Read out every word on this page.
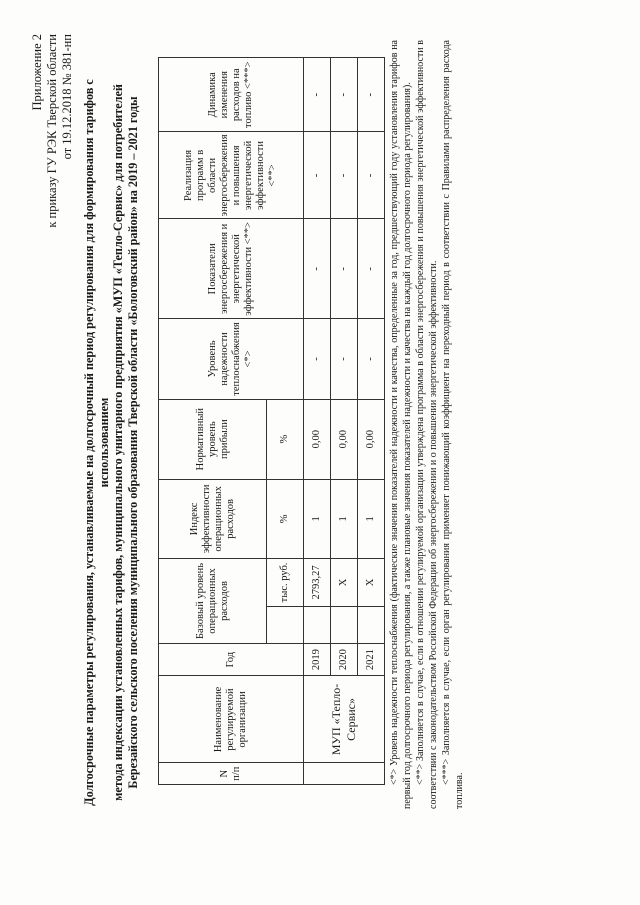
Приложение 2 к приказу ГУ РЭК Тверской области от 19.12.2018 № 381-нп Долгосрочные параметры регулирования, устанавливаемые на долгосрочный период регулирования для формирования тарифов с использованием метода индексации установленных тарифов, муниципального унитарного предприятия «МУП «Тепло-Сервис» для потребителей Березайского сельского поселения муниципального образования Тверской области «Бологовский район» на 2019 – 2021 годы	N п/п	Наименование регулируемой организации	Год	Базовый уровень операционных расходов		Индекс эффективности операционных расходов	Нормативный уровень прибыли	Уровень надежности теплоснабжения <*>	Показатели энергосбережения и энергетической эффективности <**>	Реализация программ в области энергосбережения и повышения энергетической эффективности <**>	Динамика изменения расходов на топливо <***>
				тыс. руб.	%	%				
	МУП «Тепло-Сервис»	2019		2793,27	1	0,00	-	-	-	-
		2020		Х	1	0,00	-	-	-	-
		2021		Х	1	0,00	-	-	-	- <*> Уровень надежности теплоснабжения (фактические значения показателей надежности и качества, определенные за год, предшествующий году установления тарифов на первый год долгосрочного периода регулирования, а также плановые значения показателей надежности и качества на каждый год долгосрочного периода регулирования). <**> Заполняется в случае, если в отношении регулируемой организации утверждена программа в области энергосбережения и повышения энергетической эффективности в соответствии с законодательством Российской Федерации об энергосбережении и о повышении энергетической эффективности. <***> Заполняется в случае, если орган регулирования применяет понижающий коэффициент на переходный период в соответствии с Правилами распределения расхода топлива.
